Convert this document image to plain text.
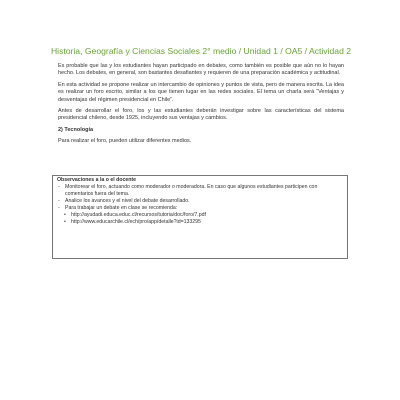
Historia, Geografía y Ciencias Sociales 2° medio / Unidad 1 / OA5 / Actividad 2

Es probable que las y los estudiantes hayan participado en debates, como también es posible que aún no lo hayan hecho. Los debates, en general, son bastantes desafiantes y requieren de una preparación académica y actitudinal.

En esta actividad se propone realizar un intercambio de opiniones y puntos de vista, pero de manera escrita. La idea es realizar un foro escrito, similar a los que tienen lugar en las redes sociales. El tema un charla será “Ventajas y desventajas del régimen presidencial en Chile”.

Antes de desarrollar el foro, los y las estudiantes deberán investigar sobre las características del sistema presidencial chileno, desde 1925, incluyendo sus ventajas y cambios.

2) Tecnología

Para realizar el foro, pueden utilizar diferentes medios.

Observaciones a la o el docente
- Monitorear el foro, actuando como moderador o moderadora. En caso que algunos estudiantes participen con comentarios fuera del tema.
- Analice los avances y el nivel del debate desarrollado.
- Para trabajar un debate en clase se recomienda:
• http://ayudadi.educa.educ.cl/recursos/tutoria/doc/foro/7.pdf
• http://www.educarchile.cl/ech/pro/app/detalle?id=133295
